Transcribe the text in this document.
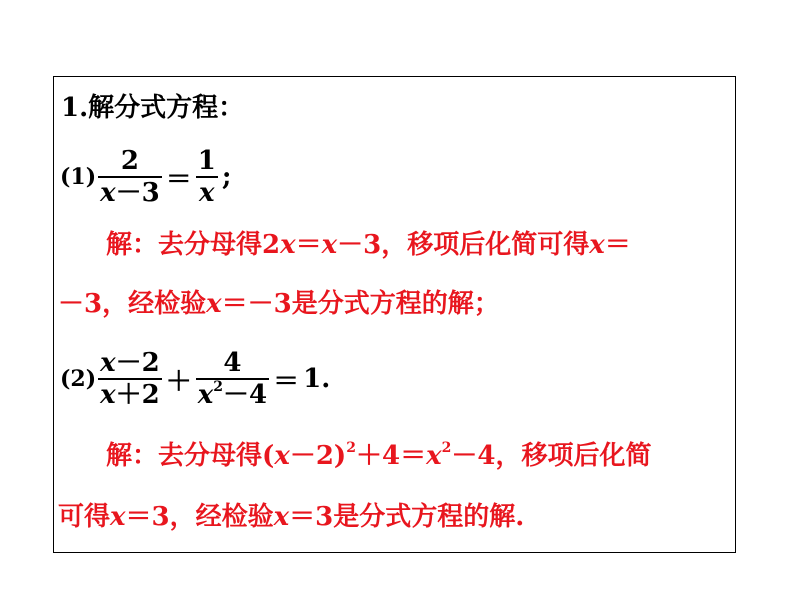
1.解分式方程：
$(1) \frac{2}{x-3} = \frac{1}{x}$ ;
解：去分母得2x＝x－3，移项后化简可得x＝
－3，经检验x＝－3是分式方程的解；
$(2) \frac{x-2}{x+2} + \frac{4}{x^2-4} = 1$.
解：去分母得$(x-2)^2+4=x^2-4$，移项后化简
可得x＝3，经检验x＝3是分式方程的解.
